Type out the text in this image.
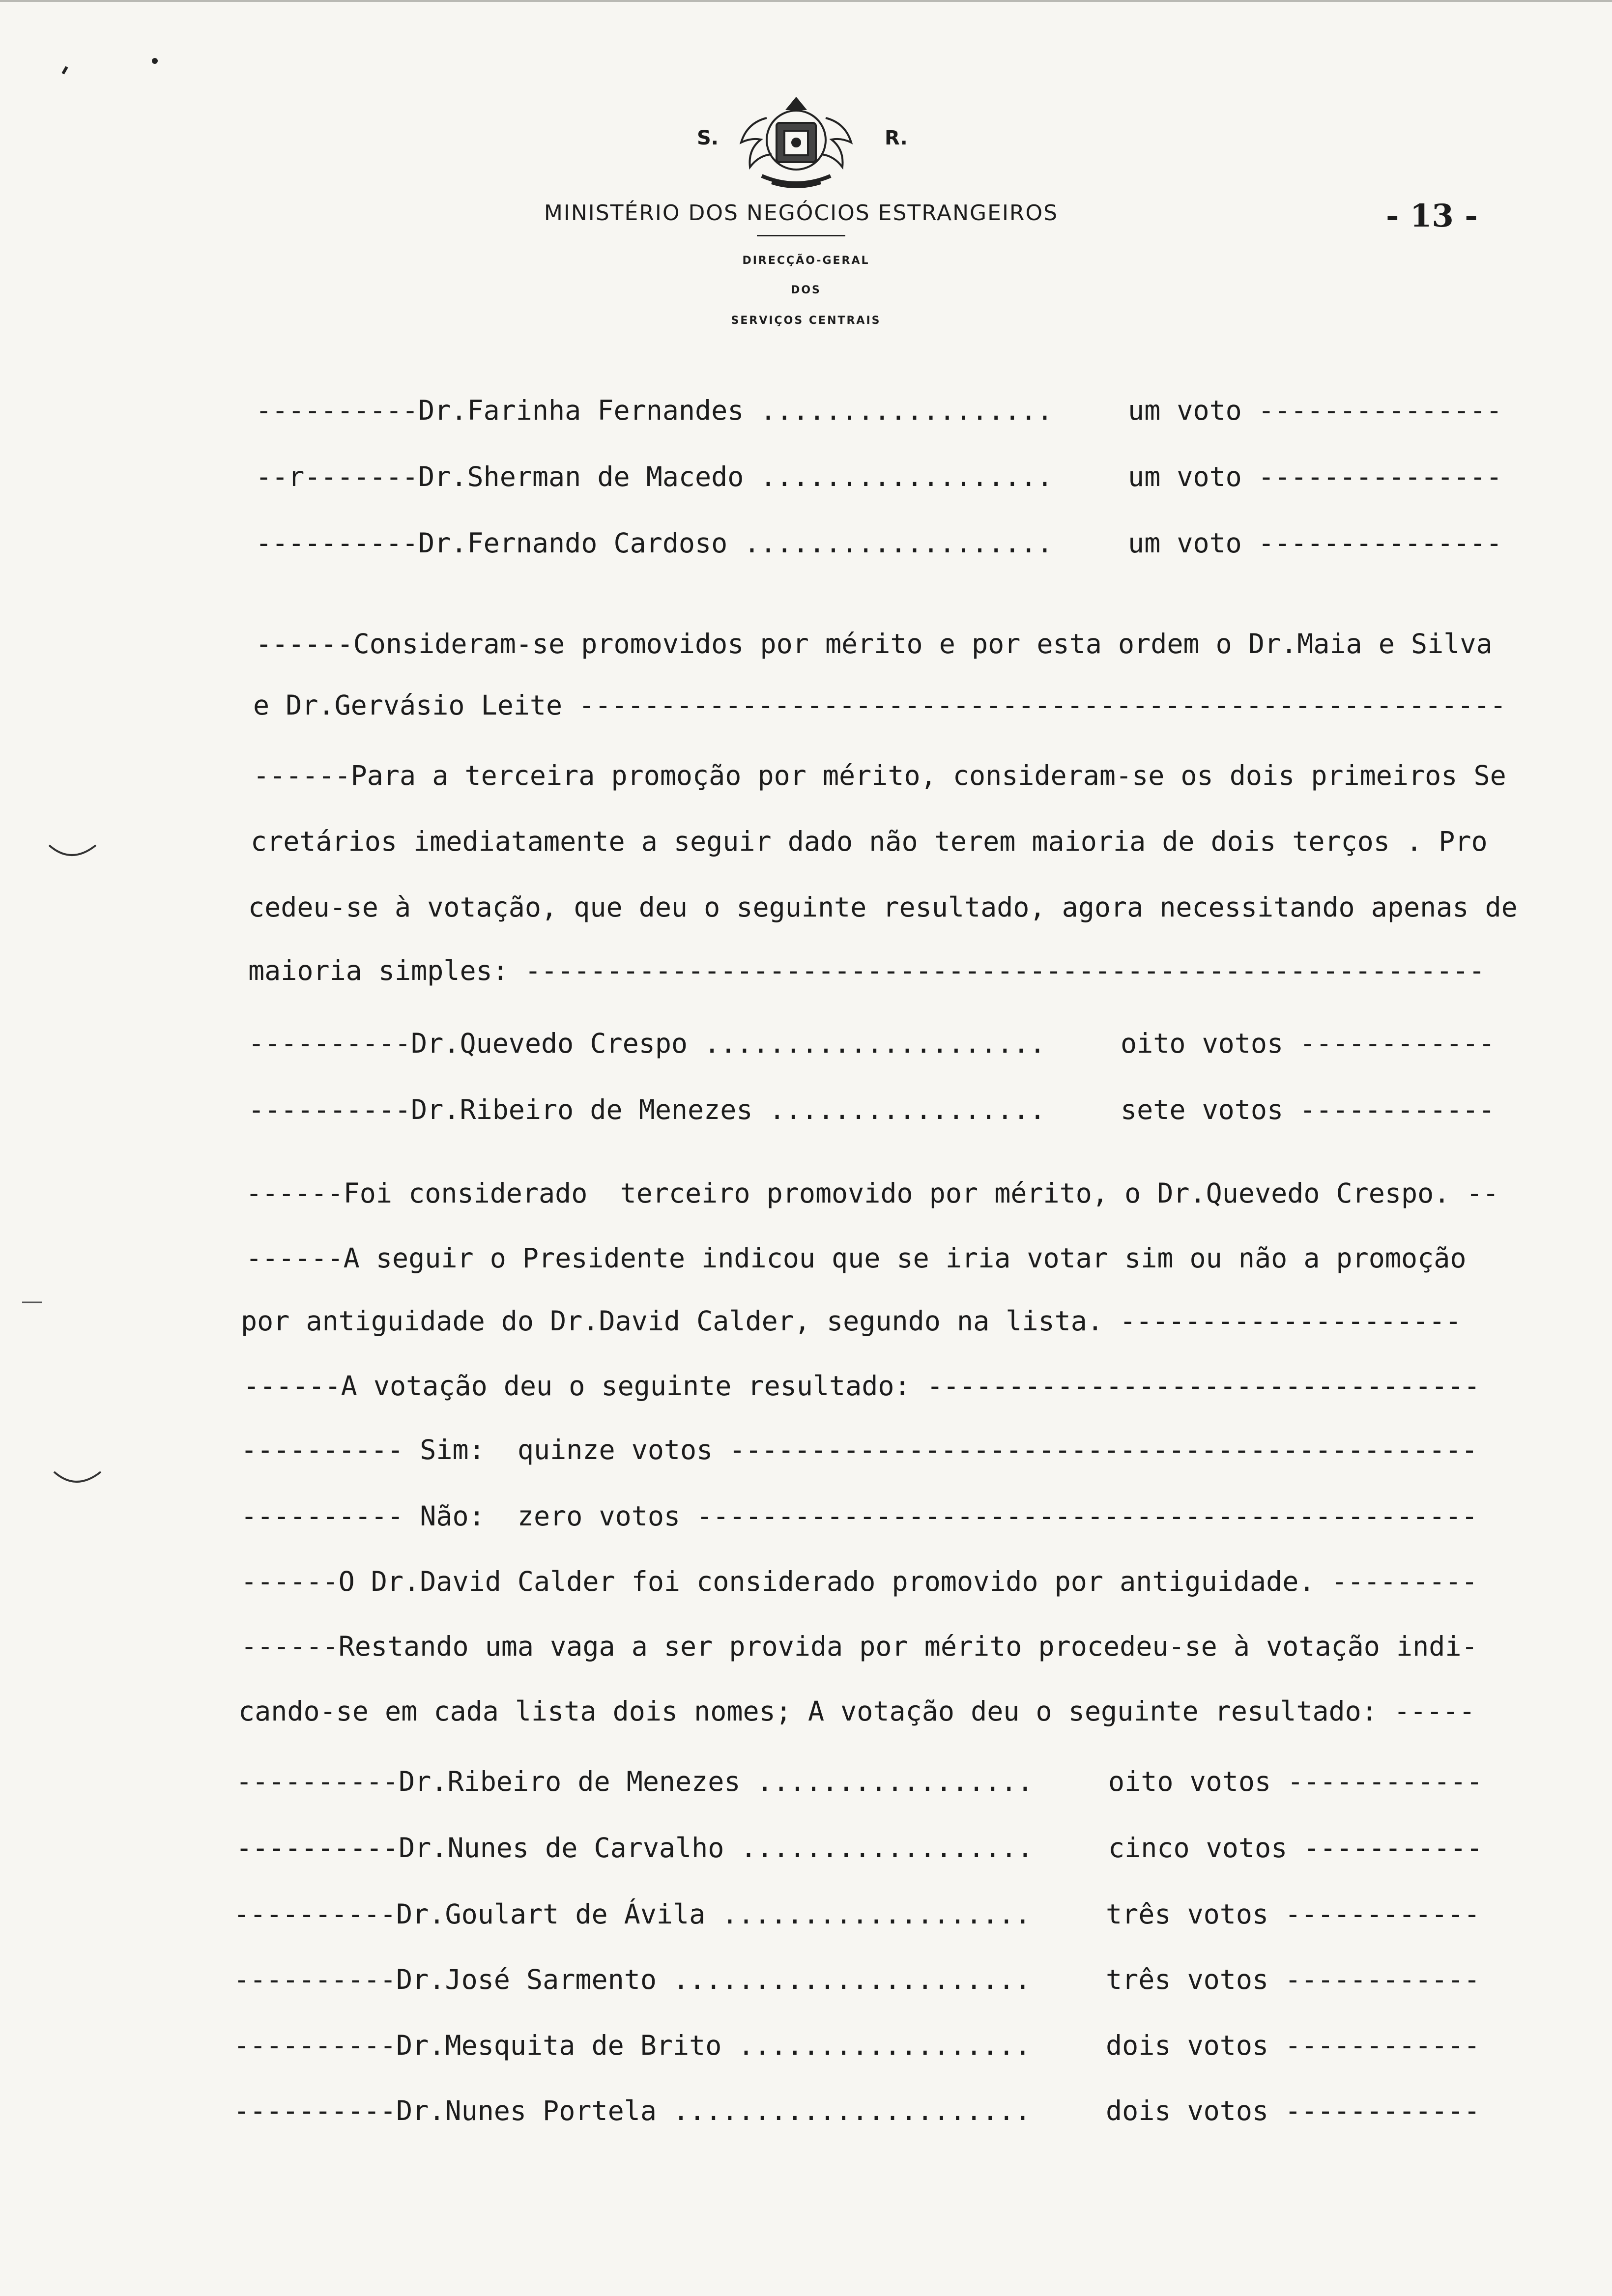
S.	R.
MINISTÉRIO DOS NEGÓCIOS ESTRANGEIROS
DIRECÇÃO-GERAL
DOS
SERVIÇOS CENTRAIS
- 13 -
----------Dr.Farinha Fernandes ..................	um voto ---------------
--r-------Dr.Sherman de Macedo ..................	um voto ---------------
----------Dr.Fernando Cardoso ...................	um voto ---------------
------Consideram-se promovidos por mérito e por esta ordem o Dr.Maia e Silva
e Dr.Gervásio Leite ---------------------------------------------------------
------Para a terceira promoção por mérito, consideram-se os dois primeiros Se
cretários imediatamente a seguir dado não terem maioria de dois terços . Pro
cedeu-se à votação, que deu o seguinte resultado, agora necessitando apenas de
maioria simples: -----------------------------------------------------------
----------Dr.Quevedo Crespo .....................	oito votos ------------
----------Dr.Ribeiro de Menezes .................	sete votos ------------
------Foi considerado  terceiro promovido por mérito, o Dr.Quevedo Crespo. --
------A seguir o Presidente indicou que se iria votar sim ou não a promoção
por antiguidade do Dr.David Calder, segundo na lista. ---------------------
------A votação deu o seguinte resultado: ----------------------------------
---------- Sim:  quinze votos ----------------------------------------------
---------- Não:  zero votos ------------------------------------------------
------O Dr.David Calder foi considerado promovido por antiguidade. ---------
------Restando uma vaga a ser provida por mérito procedeu-se à votação indi-
cando-se em cada lista dois nomes; A votação deu o seguinte resultado: -----
----------Dr.Ribeiro de Menezes .................	oito votos ------------
----------Dr.Nunes de Carvalho ..................	cinco votos -----------
----------Dr.Goulart de Ávila ...................	três votos ------------
----------Dr.José Sarmento ......................	três votos ------------
----------Dr.Mesquita de Brito ..................	dois votos ------------
----------Dr.Nunes Portela ......................	dois votos ------------
